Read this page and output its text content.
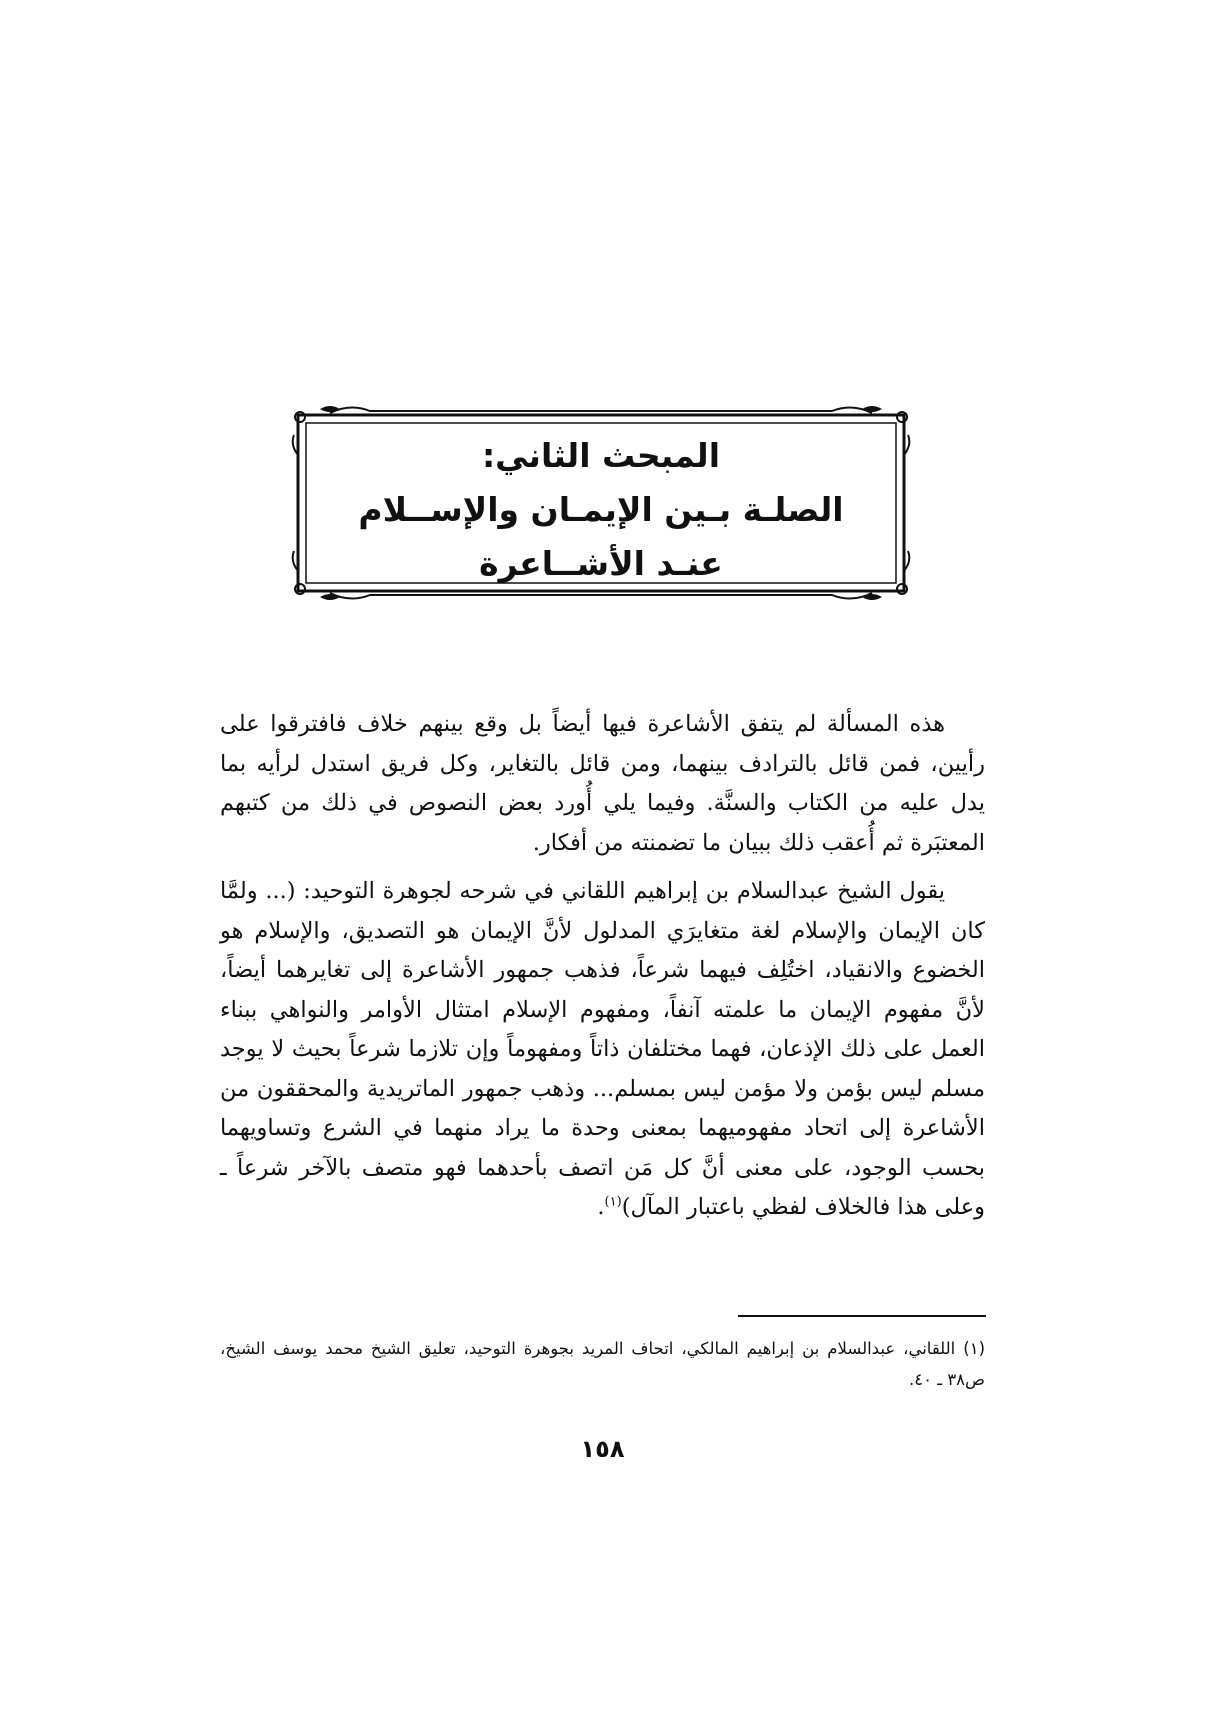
المبحث الثاني:
الصلـة بـين الإيمـان والإســلام
عنـد الأشــاعرة

هذه المسألة لم يتفق الأشاعرة فيها أيضاً بل وقع بينهم خلاف فافترقوا على رأيين، فمن قائل بالترادف بينهما، ومن قائل بالتغاير، وكل فريق استدل لرأيه بما يدل عليه من الكتاب والسنَّة. وفيما يلي أُورد بعض النصوص في ذلك من كتبهم المعتبَرة ثم أُعقب ذلك ببيان ما تضمنته من أفكار.

يقول الشيخ عبدالسلام بن إبراهيم اللقاني في شرحه لجوهرة التوحيد: (... ولمَّا كان الإيمان والإسلام لغة متغايرَي المدلول لأنَّ الإيمان هو التصديق، والإسلام هو الخضوع والانقياد، اختُلِف فيهما شرعاً، فذهب جمهور الأشاعرة إلى تغايرهما أيضاً، لأنَّ مفهوم الإيمان ما علمته آنفاً، ومفهوم الإسلام امتثال الأوامر والنواهي ببناء العمل على ذلك الإذعان، فهما مختلفان ذاتاً ومفهوماً وإن تلازما شرعاً بحيث لا يوجد مسلم ليس بؤمن ولا مؤمن ليس بمسلم... وذهب جمهور الماتريدية والمحققون من الأشاعرة إلى اتحاد مفهوميهما بمعنى وحدة ما يراد منهما في الشرع وتساويهما بحسب الوجود، على معنى أنَّ كل مَن اتصف بأحدهما فهو متصف بالآخر شرعاً ـ وعلى هذا فالخلاف لفظي باعتبار المآل)$^{(١)}$.

(١)اللقاني، عبدالسلام بن إبراهيم المالكي، اتحاف المريد بجوهرة التوحيد، تعليق الشيخ محمد يوسف الشيخ، ص٣٨ ـ ٤٠.
١٥٨
